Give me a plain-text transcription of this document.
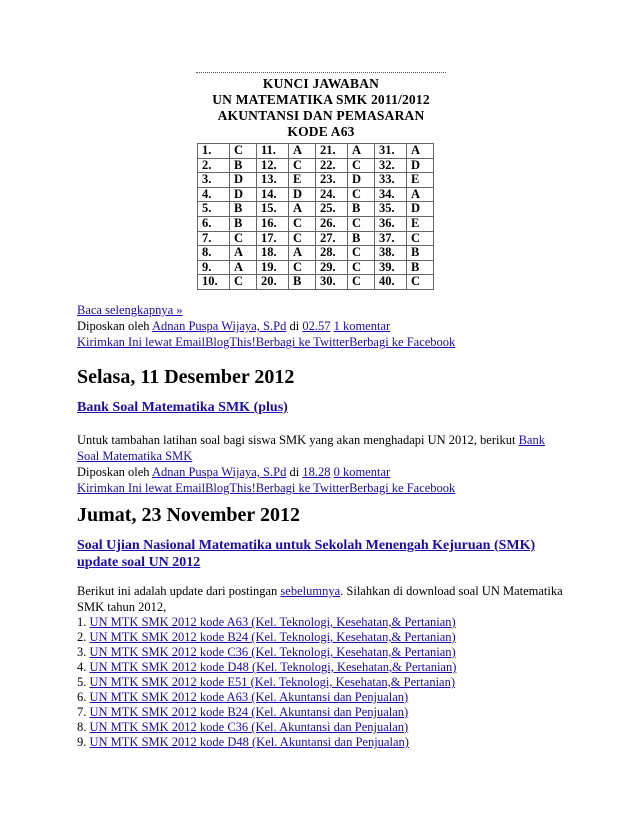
KUNCI JAWABAN
UN MATEMATIKA SMK 2011/2012
AKUNTANSI DAN PEMASARAN
KODE A63
1.	C	11.	A	21.	A	31.	A
2.	B	12.	C	22.	C	32.	D
3.	D	13.	E	23.	D	33.	E
4.	D	14.	D	24.	C	34.	A
5.	B	15.	A	25.	B	35.	D
6.	B	16.	C	26.	C	36.	E
7.	C	17.	C	27.	B	37.	C
8.	A	18.	A	28.	C	38.	B
9.	A	19.	C	29.	C	39.	B
10.	C	20.	B	30.	C	40.	C
Baca selengkapnya »
Diposkan oleh Adnan Puspa Wijaya, S.Pd di 02.57 1 komentar
Kirimkan Ini lewat EmailBlogThis!Berbagi ke TwitterBerbagi ke Facebook
Selasa, 11 Desember 2012
Bank Soal Matematika SMK (plus)
Untuk tambahan latihan soal bagi siswa SMK yang akan menghadapi UN 2012, berikut Bank
Soal Matematika SMK
Diposkan oleh Adnan Puspa Wijaya, S.Pd di 18.28 0 komentar
Kirimkan Ini lewat EmailBlogThis!Berbagi ke TwitterBerbagi ke Facebook
Jumat, 23 November 2012
Soal Ujian Nasional Matematika untuk Sekolah Menengah Kejuruan (SMK)
update soal UN 2012
Berikut ini adalah update dari postingan sebelumnya. Silahkan di download soal UN Matematika
SMK tahun 2012,
1. UN MTK SMK 2012 kode A63 (Kel. Teknologi, Kesehatan,& Pertanian)
2. UN MTK SMK 2012 kode B24 (Kel. Teknologi, Kesehatan,& Pertanian)
3. UN MTK SMK 2012 kode C36 (Kel. Teknologi, Kesehatan,& Pertanian)
4. UN MTK SMK 2012 kode D48 (Kel. Teknologi, Kesehatan,& Pertanian)
5. UN MTK SMK 2012 kode E51 (Kel. Teknologi, Kesehatan,& Pertanian)
6. UN MTK SMK 2012 kode A63 (Kel. Akuntansi dan Penjualan)
7. UN MTK SMK 2012 kode B24 (Kel. Akuntansi dan Penjualan)
8. UN MTK SMK 2012 kode C36 (Kel. Akuntansi dan Penjualan)
9. UN MTK SMK 2012 kode D48 (Kel. Akuntansi dan Penjualan)
